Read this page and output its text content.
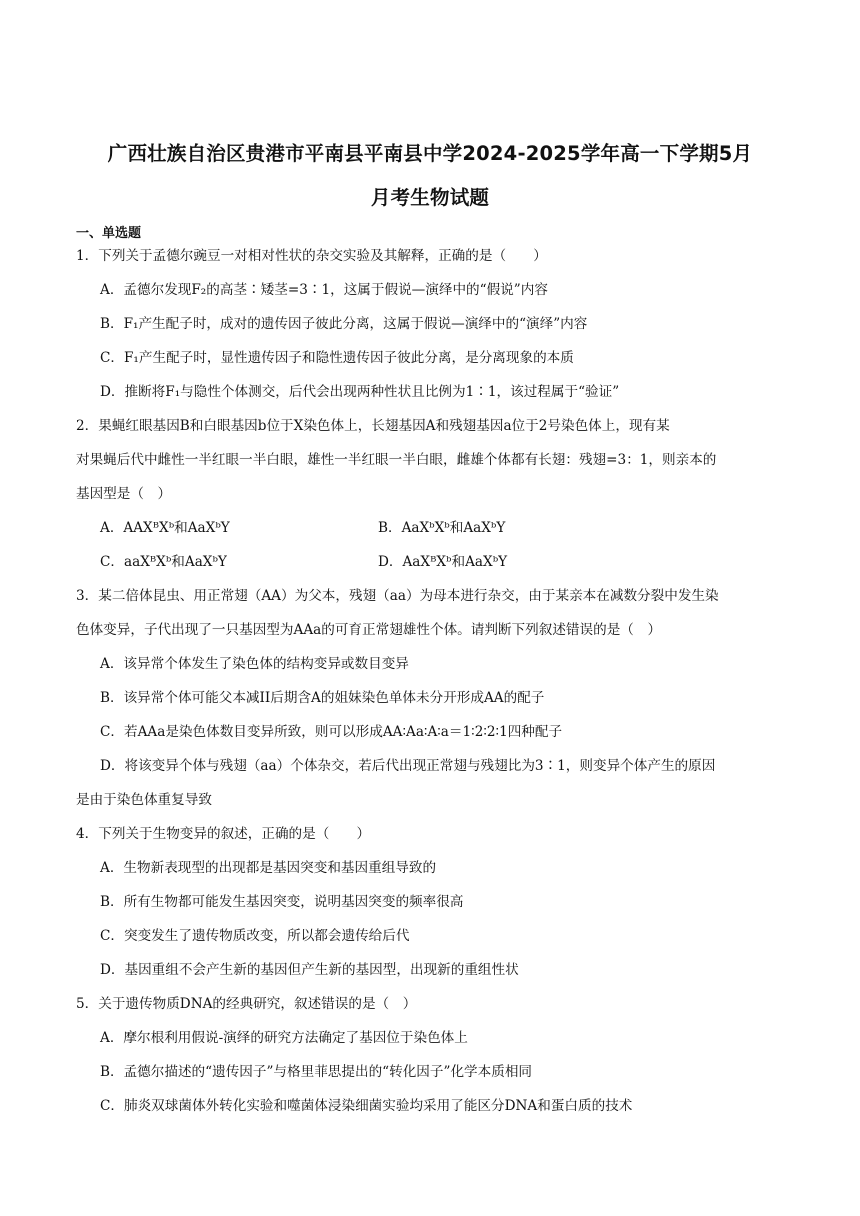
广西壮族自治区贵港市平南县平南县中学2024-2025学年高一下学期5月
月考生物试题
一、单选题
1．下列关于孟德尔豌豆一对相对性状的杂交实验及其解释，正确的是（　　）
A．孟德尔发现F₂的高茎∶矮茎=3∶1，这属于假说—演绎中的“假说”内容
B．F₁产生配子时，成对的遗传因子彼此分离，这属于假说—演绎中的“演绎”内容
C．F₁产生配子时，显性遗传因子和隐性遗传因子彼此分离，是分离现象的本质
D．推断将F₁与隐性个体测交，后代会出现两种性状且比例为1∶1，该过程属于“验证”
2．果蝇红眼基因B和白眼基因b位于X染色体上，长翅基因A和残翅基因a位于2号染色体上，现有某
对果蝇后代中雌性一半红眼一半白眼，雄性一半红眼一半白眼，雌雄个体都有长翅：残翅=3：1，则亲本的
基因型是（　）
A．AAXᴮXᵇ和AaXᵇY	B．AaXᵇXᵇ和AaXᵇY
C．aaXᴮXᵇ和AaXᵇY	D．AaXᴮXᵇ和AaXᵇY
3．某二倍体昆虫、用正常翅（AA）为父本，残翅（aa）为母本进行杂交，由于某亲本在减数分裂中发生染
色体变异，子代出现了一只基因型为AAa的可育正常翅雄性个体。请判断下列叙述错误的是（　）
A．该异常个体发生了染色体的结构变异或数目变异
B．该异常个体可能父本减II后期含A的姐妹染色单体未分开形成AA的配子
C．若AAa是染色体数目变异所致，则可以形成AA∶Aa∶A∶a＝1∶2∶2∶1四种配子
D．将该变异个体与残翅（aa）个体杂交，若后代出现正常翅与残翅比为3∶1，则变异个体产生的原因
是由于染色体重复导致
4．下列关于生物变异的叙述，正确的是（　　）
A．生物新表现型的出现都是基因突变和基因重组导致的
B．所有生物都可能发生基因突变，说明基因突变的频率很高
C．突变发生了遗传物质改变，所以都会遗传给后代
D．基因重组不会产生新的基因但产生新的基因型，出现新的重组性状
5．关于遗传物质DNA的经典研究，叙述错误的是（　）
A．摩尔根利用假说-演绎的研究方法确定了基因位于染色体上
B．孟德尔描述的“遗传因子”与格里菲思提出的“转化因子”化学本质相同
C．肺炎双球菌体外转化实验和噬菌体浸染细菌实验均采用了能区分DNA和蛋白质的技术
